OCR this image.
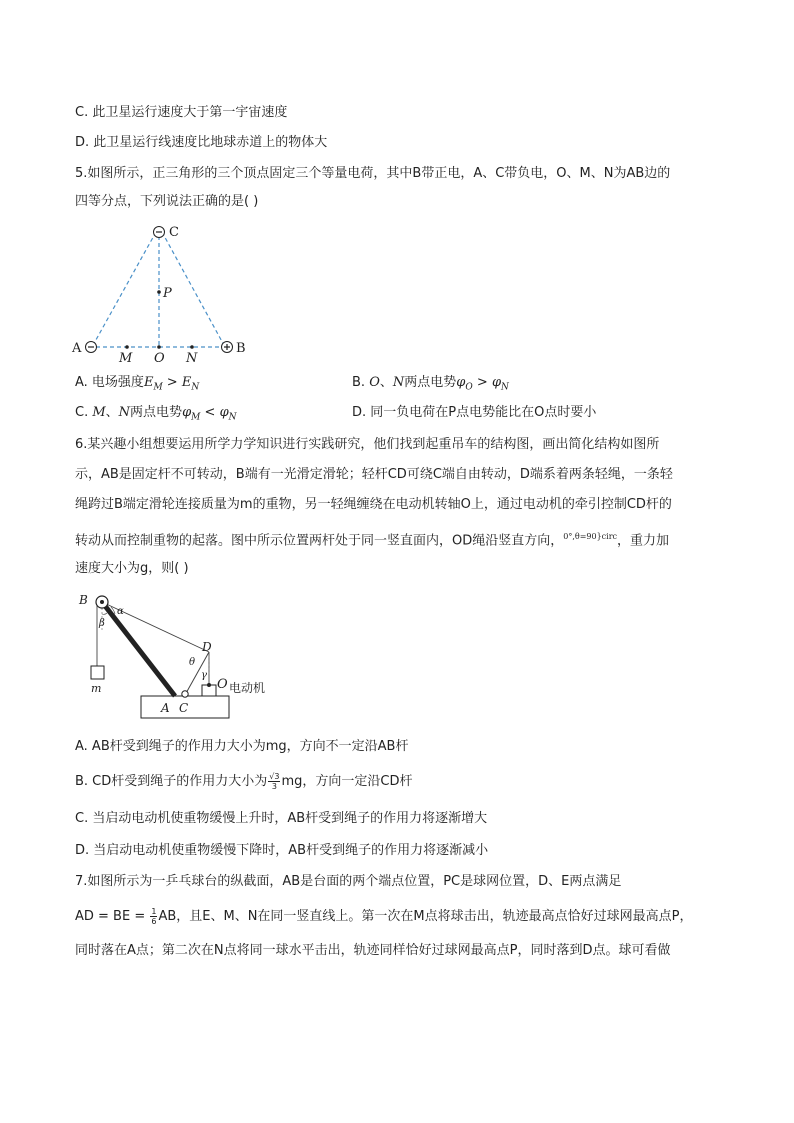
C. 此卫星运行速度大于第一宇宙速度
D. 此卫星运行线速度比地球赤道上的物体大
5.如图所示，正三角形的三个顶点固定三个等量电荷，其中B带正电，A、C带负电，O、M、N为AB边的
四等分点，下列说法正确的是( )
C
A	B
P
M O N
A. 电场强度$E_M > E_N$	B. O、N两点电势$\varphi_O > \varphi_N$
C. M、N两点电势$\varphi_M < \varphi_N$	D. 同一负电荷在P点电势能比在O点时要小
6.某兴趣小组想要运用所学力学知识进行实践研究，他们找到起重吊车的结构图，画出简化结构如图所
示，AB是固定杆不可转动，B端有一光滑定滑轮；轻杆CD可绕C端自由转动，D端系着两条轻绳，一条轻
绳跨过B端定滑轮连接质量为m的重物，另一轻绳缠绕在电动机转轴O上，通过电动机的牵引控制CD杆的
转动从而控制重物的起落。图中所示位置两杆处于同一竖直面内，OD绳沿竖直方向，$^{0^\circ,\theta=90\}circ}$，重力加
速度大小为g，则( )
B
α
β
m
D
θ
γ
O
A C
电动机
A. AB杆受到绳子的作用力大小为mg，方向不一定沿AB杆
B. CD杆受到绳子的作用力大小为 $\frac{√3}{3}$ mg，方向一定沿CD杆
C. 当启动电动机使重物缓慢上升时，AB杆受到绳子的作用力将逐渐增大
D. 当启动电动机使重物缓慢下降时，AB杆受到绳子的作用力将逐渐减小
7.如图所示为一乒乓球台的纵截面，AB是台面的两个端点位置，PC是球网位置，D、E两点满足
AD = BE = $\frac{1}{6}$ AB，且E、M、N在同一竖直线上。第一次在M点将球击出，轨迹最高点恰好过球网最高点P，
同时落在A点；第二次在N点将同一球水平击出，轨迹同样恰好过球网最高点P，同时落到D点。球可看做
